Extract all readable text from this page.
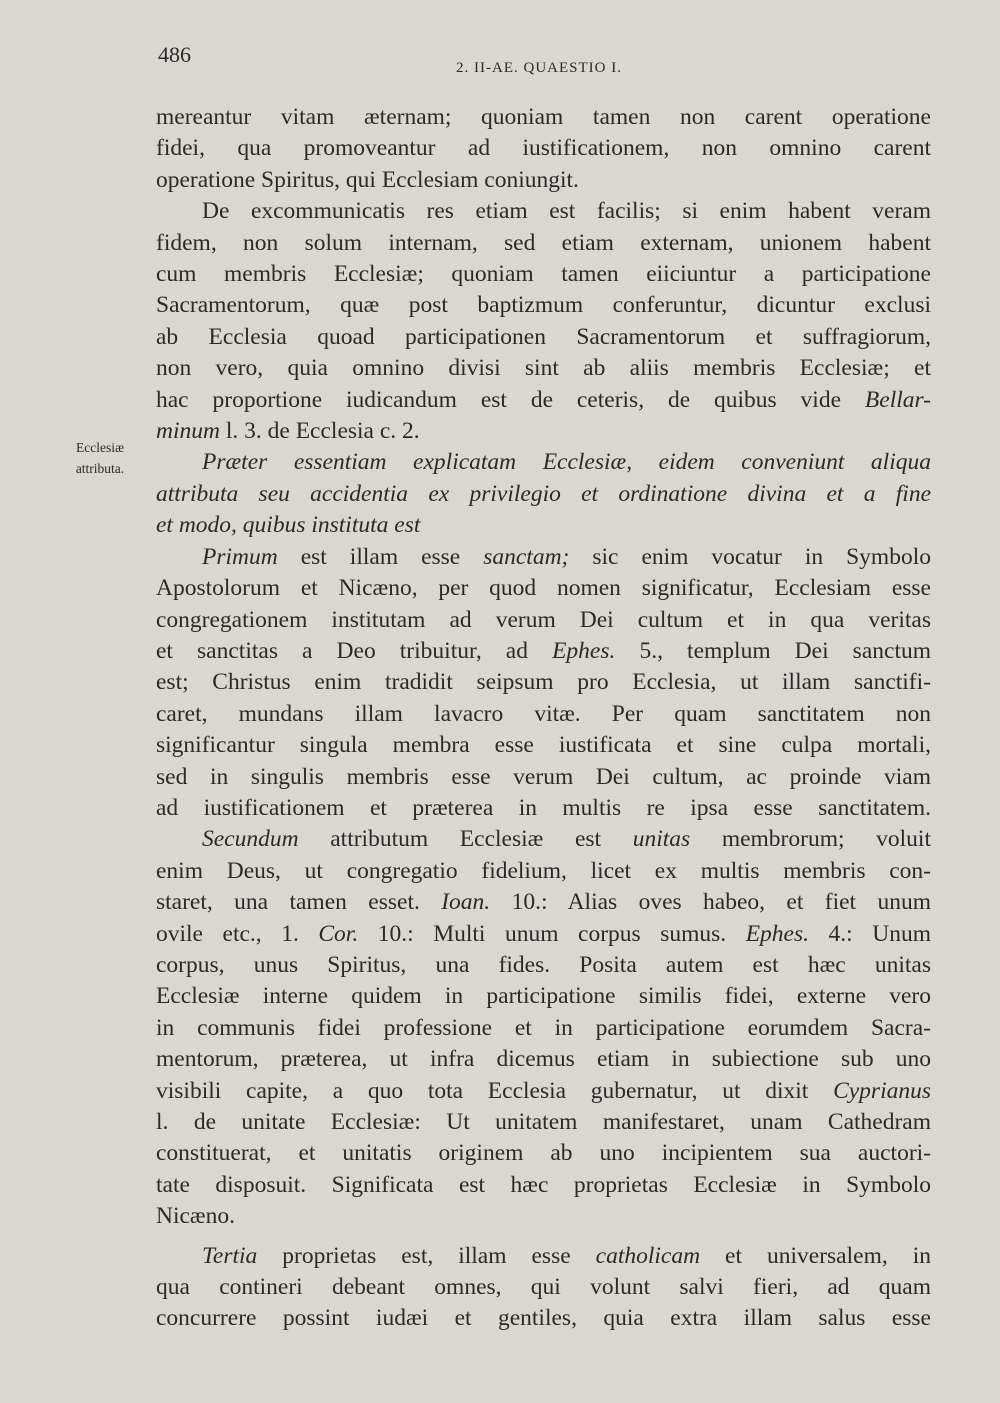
486
2. II-AE. QUAESTIO I.
Ecclesiæ
attributa.

mereantur vitam æternam; quoniam tamen non carent operatione
fidei, qua promoveantur ad iustificationem, non omnino carent
operatione Spiritus, qui Ecclesiam coniungit.

De excommunicatis res etiam est facilis; si enim habent veram
fidem, non solum internam, sed etiam externam, unionem habent
cum membris Ecclesiæ; quoniam tamen eiiciuntur a participatione
Sacramentorum, quæ post baptizmum conferuntur, dicuntur exclusi
ab Ecclesia quoad participationen Sacramentorum et suffragiorum,
non vero, quia omnino divisi sint ab aliis membris Ecclesiæ; et
hac proportione iudicandum est de ceteris, de quibus vide Bellar-
minum l. 3. de Ecclesia c. 2.

Præter essentiam explicatam Ecclesiæ, eidem conveniunt aliqua
attributa seu accidentia ex privilegio et ordinatione divina et a fine
et modo, quibus instituta est

Primum est illam esse sanctam; sic enim vocatur in Symbolo
Apostolorum et Nicæno, per quod nomen significatur, Ecclesiam esse
congregationem institutam ad verum Dei cultum et in qua veritas
et sanctitas a Deo tribuitur, ad Ephes. 5., templum Dei sanctum
est; Christus enim tradidit seipsum pro Ecclesia, ut illam sanctifi-
caret, mundans illam lavacro vitæ. Per quam sanctitatem non
significantur singula membra esse iustificata et sine culpa mortali,
sed in singulis membris esse verum Dei cultum, ac proinde viam
ad iustificationem et præterea in multis re ipsa esse sanctitatem.

Secundum attributum Ecclesiæ est unitas membrorum; voluit
enim Deus, ut congregatio fidelium, licet ex multis membris con-
staret, una tamen esset. Ioan. 10.: Alias oves habeo, et fiet unum
ovile etc., 1. Cor. 10.: Multi unum corpus sumus. Ephes. 4.: Unum
corpus, unus Spiritus, una fides. Posita autem est hæc unitas
Ecclesiæ interne quidem in participatione similis fidei, externe vero
in communis fidei professione et in participatione eorumdem Sacra-
mentorum, præterea, ut infra dicemus etiam in subiectione sub uno
visibili capite, a quo tota Ecclesia gubernatur, ut dixit Cyprianus
l. de unitate Ecclesiæ: Ut unitatem manifestaret, unam Cathedram
constituerat, et unitatis originem ab uno incipientem sua auctori-
tate disposuit. Significata est hæc proprietas Ecclesiæ in Symbolo
Nicæno.

Tertia proprietas est, illam esse catholicam et universalem, in
qua contineri debeant omnes, qui volunt salvi fieri, ad quam
concurrere possint iudæi et gentiles, quia extra illam salus esse
